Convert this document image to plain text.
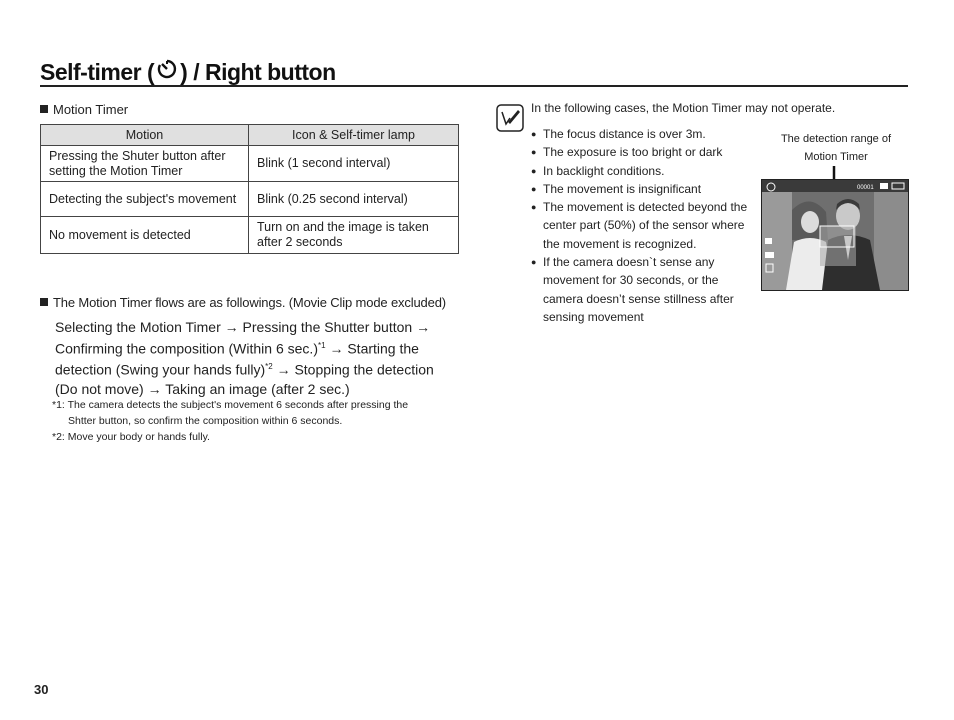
Self-timer ( ) / Right button
Motion Timer
Motion	Icon & Self-timer lamp
Pressing the Shuter button after setting the Motion Timer	Blink (1 second interval)
Detecting the subject's movement	Blink (0.25 second interval)
No movement is detected	Turn on and the image is taken after 2 seconds
The Motion Timer flows are as followings. (Movie Clip mode excluded)
Selecting the Motion Timer → Pressing the Shutter button →
Confirming the composition (Within 6 sec.)$^{*1}$ → Starting the detection (Swing your hands fully)$^{*2}$ → Stopping the detection (Do not move) → Taking an image (after 2 sec.)
*1: The camera detects the subject's movement 6 seconds after pressing the
Shtter button, so confirm the composition within 6 seconds.
*2: Move your body or hands fully.
In the following cases, the Motion Timer may not operate.
● The focus distance is over 3m.
● The exposure is too bright or dark
● In backlight conditions.
● The movement is insignificant
● The movement is detected beyond the center part (50%) of the sensor where the movement is recognized.
● If the camera doesn`t sense any movement for 30 seconds, or the camera doesn’t sense stillness after sensing movement
The detection range of Motion Timer
00001
30
